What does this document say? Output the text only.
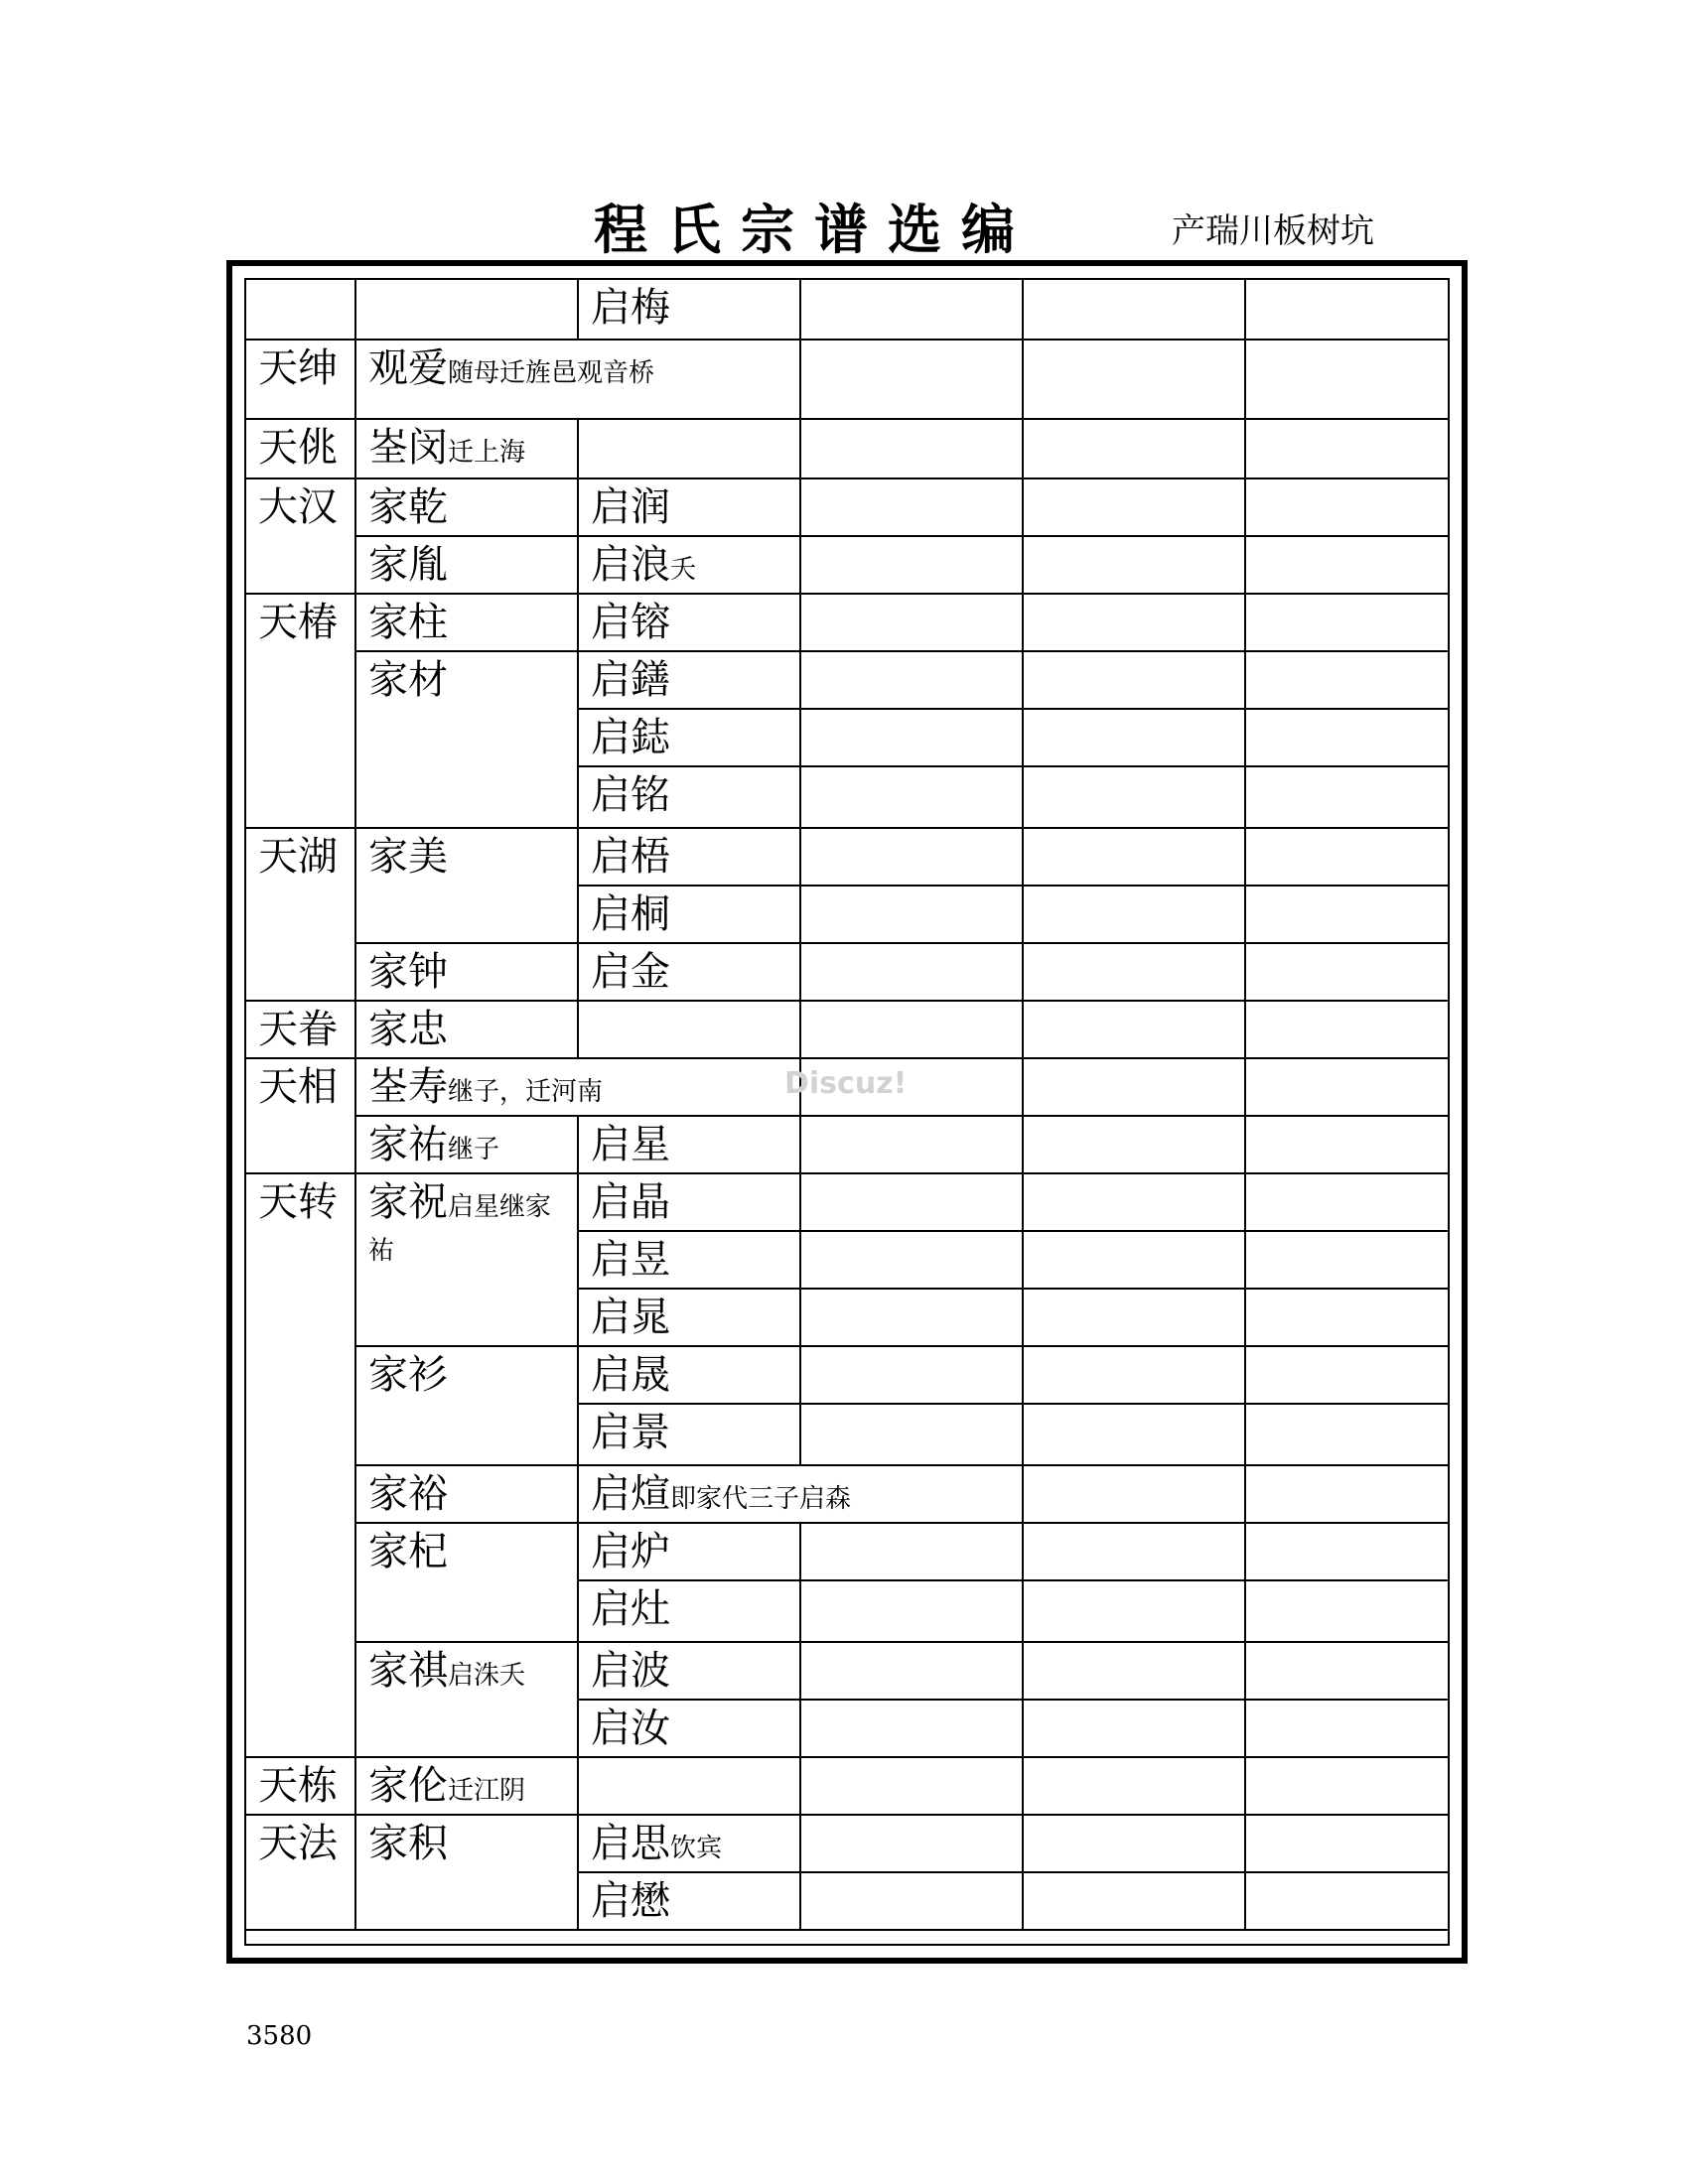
程氏宗谱选编	产瑞川板树坑
		启梅			
天绅	观爱随母迁旌邑观音桥				
天佻	峑闵迁上海				
大汉	家乾	启润			
	家胤	启浪夭			
天椿	家柱	启镕			
	家材	启鐥			
		启鋕			
		启铭			
天湖	家美	启梧			
		启桐			
	家钟	启金			
天眷	家忠				
天相	峑寿继子，迁河南				
	家祐继子	启星			
天转	家祝启星继家祐	启晶			
		启昱			
		启晁			
	家衫	启晟			
		启景			
	家裕	启煊即家代三子启森			
	家杞	启炉			
		启灶			
	家祺启洙夭	启波			
		启汝			
天栋	家伦迁江阴				
天法	家积	启思饮宾			
		启懋			
Discuz!
3580
